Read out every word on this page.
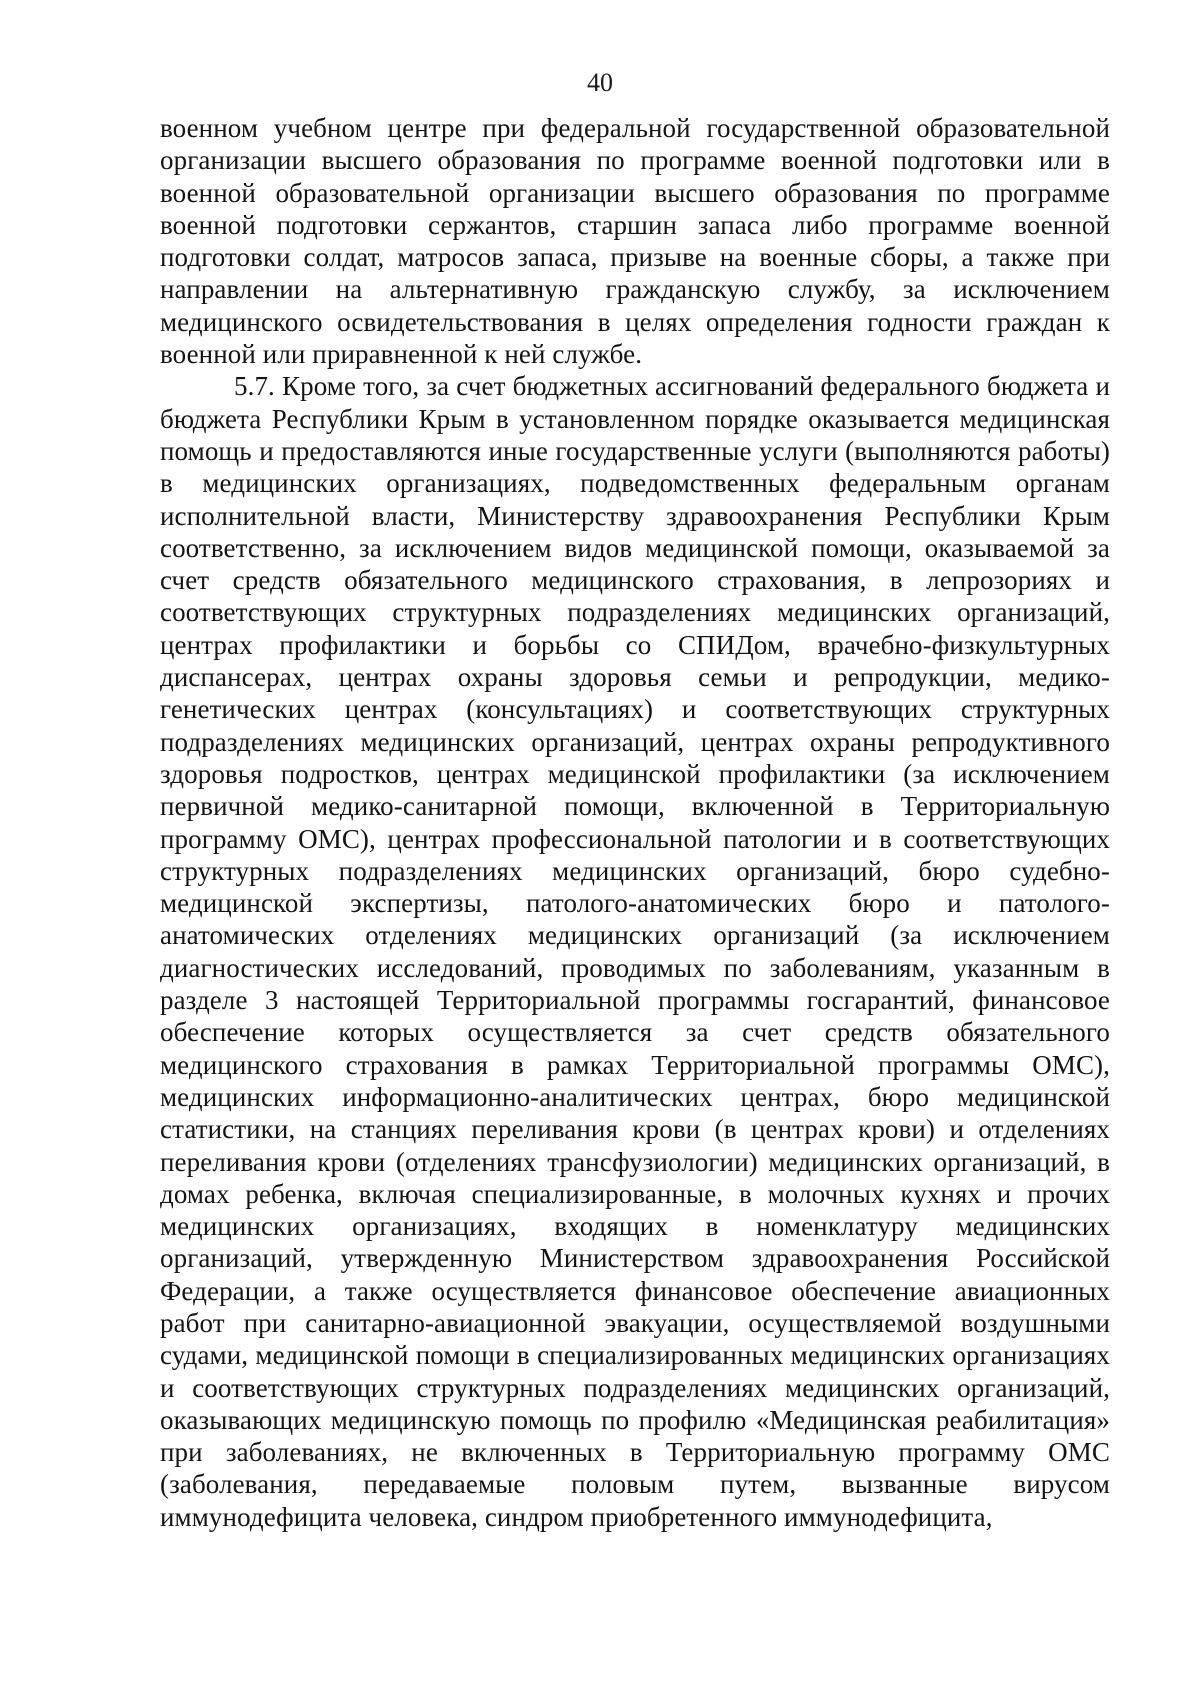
40

военном учебном центре при федеральной государственной образовательной организации высшего образования по программе военной подготовки или в военной образовательной организации высшего образования по программе военной подготовки сержантов, старшин запаса либо программе военной подготовки солдат, матросов запаса, призыве на военные сборы, а также при направлении на альтернативную гражданскую службу, за исключением медицинского освидетельствования в целях определения годности граждан к военной или приравненной к ней службе.

5.7. Кроме того, за счет бюджетных ассигнований федерального бюджета и бюджета Республики Крым в установленном порядке оказывается медицинская помощь и предоставляются иные государственные услуги (выполняются работы) в медицинских организациях, подведомственных федеральным органам исполнительной власти, Министерству здравоохранения Республики Крым соответственно, за исключением видов медицинской помощи, оказываемой за счет средств обязательного медицинского страхования, в лепрозориях и соответствующих структурных подразделениях медицинских организаций, центрах профилактики и борьбы со СПИДом, врачебно-физкультурных диспансерах, центрах охраны здоровья семьи и репродукции, медико-генетических центрах (консультациях) и соответствующих структурных подразделениях медицинских организаций, центрах охраны репродуктивного здоровья подростков, центрах медицинской профилактики (за исключением первичной медико-санитарной помощи, включенной в Территориальную программу ОМС), центрах профессиональной патологии и в соответствующих структурных подразделениях медицинских организаций, бюро судебно-медицинской экспертизы, патолого-анатомических бюро и патолого-анатомических отделениях медицинских организаций (за исключением диагностических исследований, проводимых по заболеваниям, указанным в разделе 3 настоящей Территориальной программы госгарантий, финансовое обеспечение которых осуществляется за счет средств обязательного медицинского страхования в рамках Территориальной программы ОМС), медицинских информационно-аналитических центрах, бюро медицинской статистики, на станциях переливания крови (в центрах крови) и отделениях переливания крови (отделениях трансфузиологии) медицинских организаций, в домах ребенка, включая специализированные, в молочных кухнях и прочих медицинских организациях, входящих в номенклатуру медицинских организаций, утвержденную Министерством здравоохранения Российской Федерации, а также осуществляется финансовое обеспечение авиационных работ при санитарно-авиационной эвакуации, осуществляемой воздушными судами, медицинской помощи в специализированных медицинских организациях и соответствующих структурных подразделениях медицинских организаций, оказывающих медицинскую помощь по профилю «Медицинская реабилитация» при заболеваниях, не включенных в Территориальную программу ОМС (заболевания, передаваемые половым путем, вызванные вирусом иммунодефицита человека, синдром приобретенного иммунодефицита,
